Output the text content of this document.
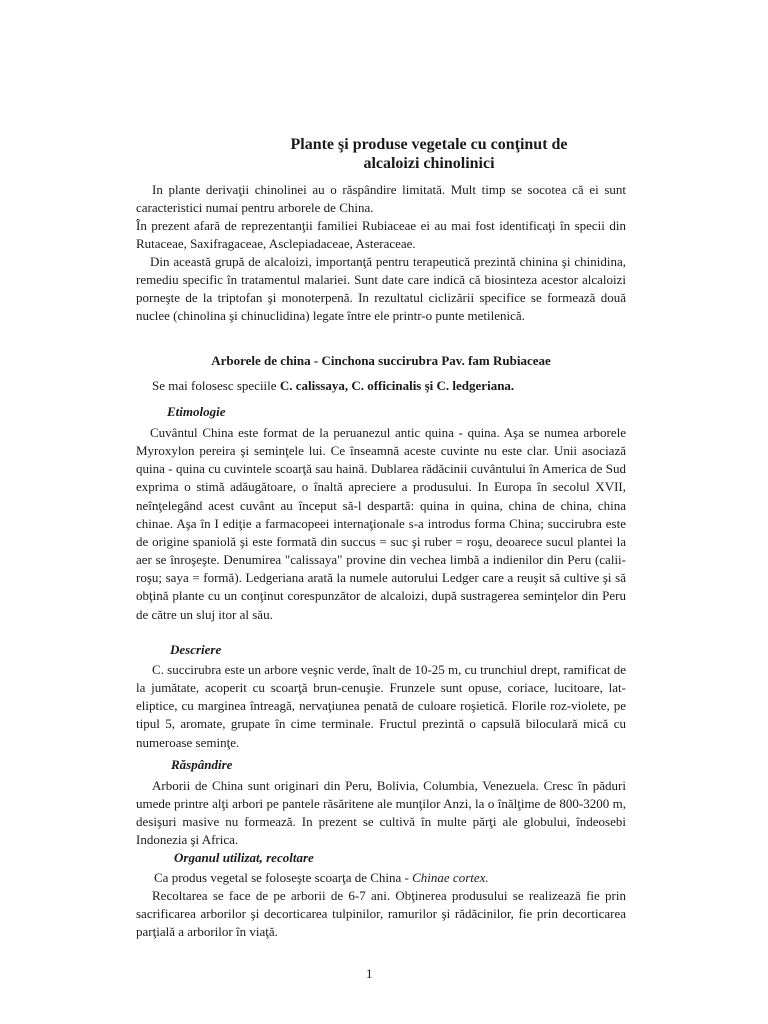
Plante şi produse vegetale cu conţinut de
alcaloizi chinolinici

In plante derivaţii chinolinei au o răspândire limitată. Mult timp se socotea că ei sunt caracteristici numai pentru arborele de China.

În prezent afară de reprezentanţii familiei Rubiaceae ei au mai fost identificaţi în specii din Rutaceae, Saxifragaceae, Asclepiadaceae, Asteraceae.

Din această grupă de alcaloizi, importanţă pentru terapeutică prezintă chinina şi chinidina, remediu specific în tratamentul malariei. Sunt date care indică că biosinteza acestor alcaloizi porneşte de la triptofan şi monoterpenă. In rezultatul ciclizării specifice se formează două nuclee (chinolina şi chinuclidina) legate între ele printr-o punte metilenică.

Arborele de china - Cinchona succirubra Pav. fam Rubiaceae

Se mai folosesc speciile C. calissaya, C. officinalis şi C. ledgeriana.

Etimologie

Cuvântul China este format de la peruanezul antic quina - quina. Aşa se numea arborele Myroxylon pereira şi seminţele lui. Ce înseamnă aceste cuvinte nu este clar. Unii asociază quina - quina cu cuvintele scoarţă sau haină. Dublarea rădăcinii cuvântului în America de Sud exprima o stimă adăugătoare, o înaltă apreciere a produsului. In Europa în secolul XVII, neînţelegând acest cuvânt au început să-l despartă: quina in quina, china de china, china chinae. Aşa în I ediţie a farmacopeei internaţionale s-a introdus forma China; succirubra este de origine spaniolă şi este formată din succus = suc şi ruber = roşu, deoarece sucul plantei la aer se înroşeşte. Denumirea "calissaya" provine din vechea limbă a indienilor din Peru (calii-roşu; saya = formă). Ledgeriana arată la numele autorului Ledger care a reuşit să cultive şi să obţină plante cu un conţinut corespunzător de alcaloizi, după sustragerea seminţelor din Peru de către un sluj itor al său.

Descriere

C. succirubra este un arbore veşnic verde, înalt de 10-25 m, cu trunchiul drept, ramificat de la jumătate, acoperit cu scoarţă brun-cenuşie. Frunzele sunt opuse, coriace, lucitoare, lat-eliptice, cu marginea întreagă, nervaţiunea penată de culoare roşietică. Florile roz-violete, pe tipul 5, aromate, grupate în cime terminale. Fructul prezintă o capsulă biloculară mică cu numeroase seminţe.

Răspândire

Arborii de China sunt originari din Peru, Bolivia, Columbia, Venezuela. Cresc în păduri umede printre alţi arbori pe pantele răsăritene ale munţilor Anzi, la o înălţime de 800-3200 m, desişuri masive nu formează. In prezent se cultivă în multe părţi ale globului, îndeosebi Indonezia şi Africa.

Organul utilizat, recoltare

Ca produs vegetal se foloseşte scoarţa de China - Chinae cortex.

Recoltarea se face de pe arborii de 6-7 ani. Obţinerea produsului se realizează fie prin sacrificarea arborilor şi decorticarea tulpinilor, ramurilor şi rădăcinilor, fie prin decorticarea parţială a arborilor în viaţă.

1
